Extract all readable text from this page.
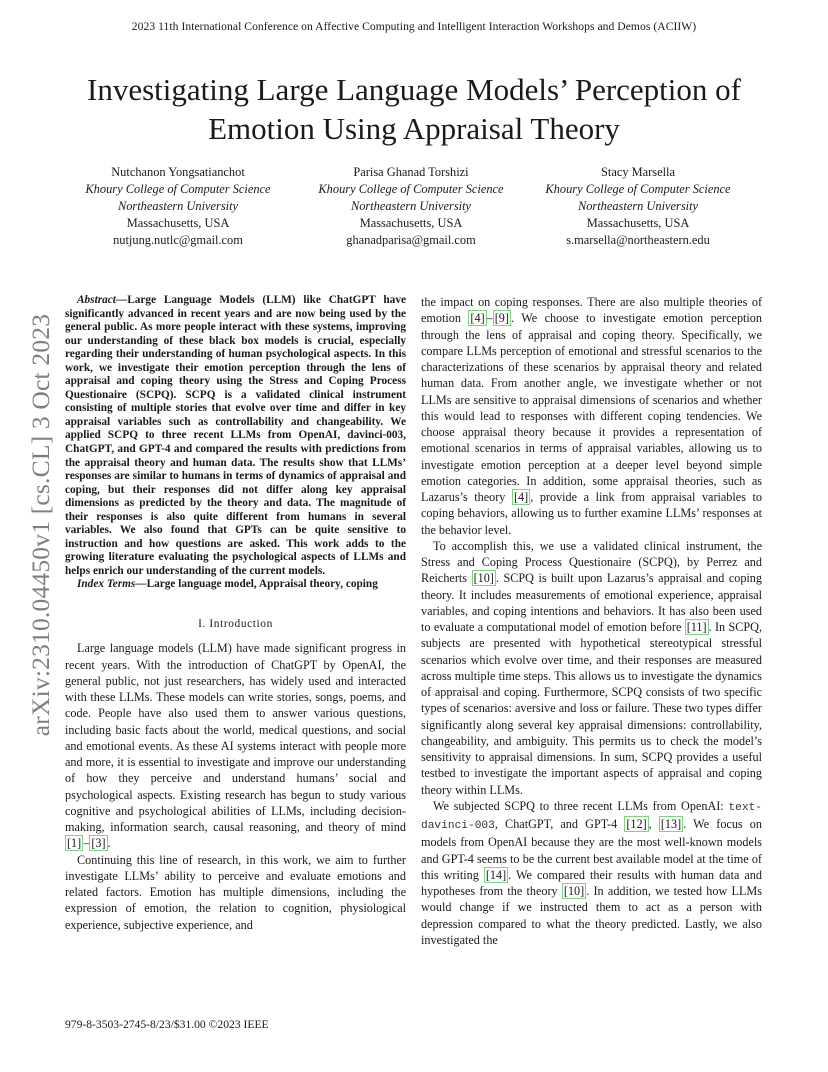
2023 11th International Conference on Affective Computing and Intelligent Interaction Workshops and Demos (ACIIW)
Investigating Large Language Models’ Perception of Emotion Using Appraisal Theory
Nutchanon Yongsatianchot
Khoury College of Computer Science
Northeastern University
Massachusetts, USA
nutjung.nutlc@gmail.com
Parisa Ghanad Torshizi
Khoury College of Computer Science
Northeastern University
Massachusetts, USA
ghanadparisa@gmail.com
Stacy Marsella
Khoury College of Computer Science
Northeastern University
Massachusetts, USA
s.marsella@northeastern.edu
arXiv:2310.04450v1 [cs.CL] 3 Oct 2023

Abstract—Large Language Models (LLM) like ChatGPT have significantly advanced in recent years and are now being used by the general public. As more people interact with these systems, improving our understanding of these black box models is crucial, especially regarding their understanding of human psychological aspects. In this work, we investigate their emotion perception through the lens of appraisal and coping theory using the Stress and Coping Process Questionaire (SCPQ). SCPQ is a validated clinical instrument consisting of multiple stories that evolve over time and differ in key appraisal variables such as controllability and changeability. We applied SCPQ to three recent LLMs from OpenAI, davinci-003, ChatGPT, and GPT-4 and compared the results with predictions from the appraisal theory and human data. The results show that LLMs’ responses are similar to humans in terms of dynamics of appraisal and coping, but their responses did not differ along key appraisal dimensions as predicted by the theory and data. The magnitude of their responses is also quite different from humans in several variables. We also found that GPTs can be quite sensitive to instruction and how questions are asked. This work adds to the growing literature evaluating the psychological aspects of LLMs and helps enrich our understanding of the current models.

Index Terms—Large language model, Appraisal theory, coping

I. Introduction

Large language models (LLM) have made significant progress in recent years. With the introduction of ChatGPT by OpenAI, the general public, not just researchers, has widely used and interacted with these LLMs. These models can write stories, songs, poems, and code. People have also used them to answer various questions, including basic facts about the world, medical questions, and social and emotional events. As these AI systems interact with people more and more, it is essential to investigate and improve our understanding of how they perceive and understand humans’ social and psychological aspects. Existing research has begun to study various cognitive and psychological abilities of LLMs, including decision-making, information search, causal reasoning, and theory of mind [1] – [3] .

Continuing this line of research, in this work, we aim to further investigate LLMs’ ability to perceive and evaluate emotions and related factors. Emotion has multiple dimensions, including the expression of emotion, the relation to cognition, physiological experience, subjective experience, and

the impact on coping responses. There are also multiple theories of emotion [4] – [9] . We choose to investigate emotion perception through the lens of appraisal and coping theory. Specifically, we compare LLMs perception of emotional and stressful scenarios to the characterizations of these scenarios by appraisal theory and related human data. From another angle, we investigate whether or not LLMs are sensitive to appraisal dimensions of scenarios and whether this would lead to responses with different coping tendencies. We choose appraisal theory because it provides a representation of emotional scenarios in terms of appraisal variables, allowing us to investigate emotion perception at a deeper level beyond simple emotion categories. In addition, some appraisal theories, such as Lazarus’s theory [4] , provide a link from appraisal variables to coping behaviors, allowing us to further examine LLMs’ responses at the behavior level.

To accomplish this, we use a validated clinical instrument, the Stress and Coping Process Questionaire (SCPQ), by Perrez and Reicherts [10] . SCPQ is built upon Lazarus’s appraisal and coping theory. It includes measurements of emotional experience, appraisal variables, and coping intentions and behaviors. It has also been used to evaluate a computational model of emotion before [11] . In SCPQ, subjects are presented with hypothetical stereotypical stressful scenarios which evolve over time, and their responses are measured across multiple time steps. This allows us to investigate the dynamics of appraisal and coping. Furthermore, SCPQ consists of two specific types of scenarios: aversive and loss or failure. These two types differ significantly along several key appraisal dimensions: controllability, changeability, and ambiguity. This permits us to check the model’s sensitivity to appraisal dimensions. In sum, SCPQ provides a useful testbed to investigate the important aspects of appraisal and coping theory within LLMs.

We subjected SCPQ to three recent LLMs from OpenAI: text-davinci-003, ChatGPT, and GPT-4 [12] , [13] . We focus on models from OpenAI because they are the most well-known models and GPT-4 seems to be the current best available model at the time of this writing [14] . We compared their results with human data and hypotheses from the theory [10] . In addition, we tested how LLMs would change if we instructed them to act as a person with depression compared to what the theory predicted. Lastly, we also investigated the

979-8-3503-2745-8/23/$31.00 ©2023 IEEE
